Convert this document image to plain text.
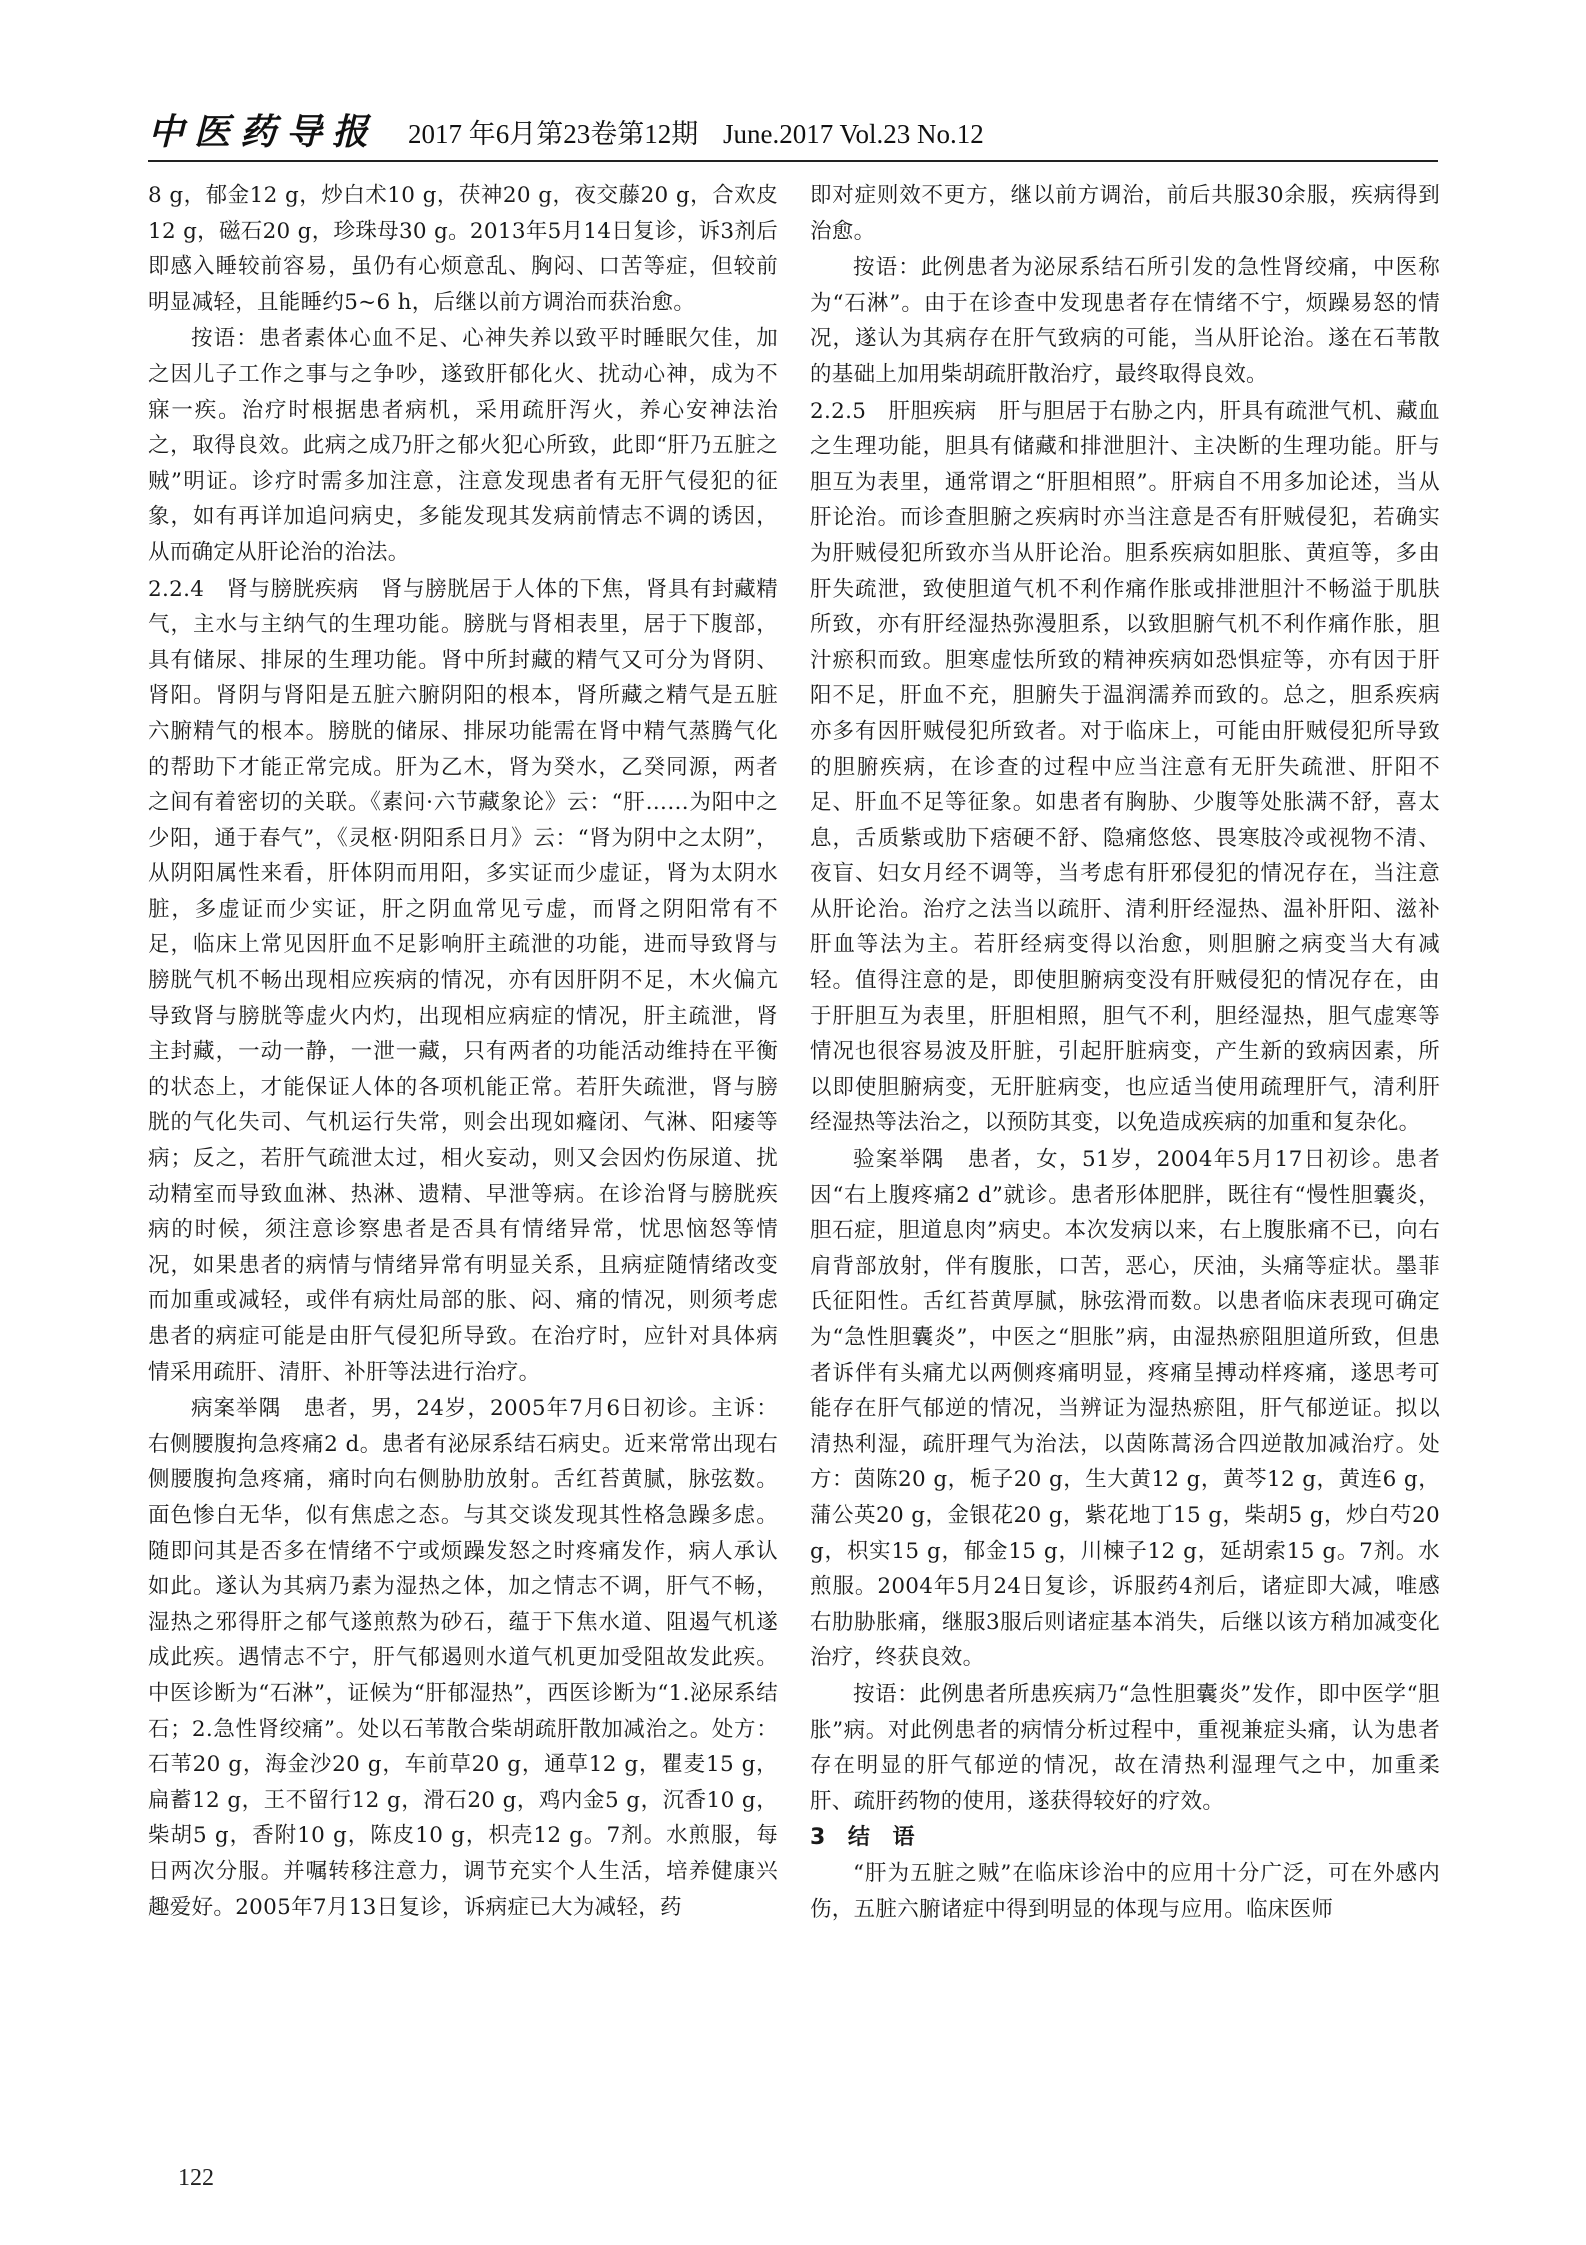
中医药导报 2017 年6月第23卷第12期 June.2017 Vol.23 No.12

8 g，郁金12 g，炒白术10 g，茯神20 g，夜交藤20 g，合欢皮12 g，磁石20 g，珍珠母30 g。2013年5月14日复诊，诉3剂后即感入睡较前容易，虽仍有心烦意乱、胸闷、口苦等症，但较前明显减轻，且能睡约5~6 h，后继以前方调治而获治愈。

按语：患者素体心血不足、心神失养以致平时睡眠欠佳，加之因儿子工作之事与之争吵，遂致肝郁化火、扰动心神，成为不寐一疾。治疗时根据患者病机，采用疏肝泻火，养心安神法治之，取得良效。此病之成乃肝之郁火犯心所致，此即“肝乃五脏之贼”明证。诊疗时需多加注意，注意发现患者有无肝气侵犯的征象，如有再详加追问病史，多能发现其发病前情志不调的诱因，从而确定从肝论治的治法。

2.2.4　肾与膀胱疾病　 肾与膀胱居于人体的下焦，肾具有封藏精气，主水与主纳气的生理功能。膀胱与肾相表里，居于下腹部，具有储尿、排尿的生理功能。肾中所封藏的精气又可分为肾阴、肾阳。肾阴与肾阳是五脏六腑阴阳的根本，肾所藏之精气是五脏六腑精气的根本。膀胱的储尿、排尿功能需在肾中精气蒸腾气化的帮助下才能正常完成。肝为乙木，肾为癸水，乙癸同源，两者之间有着密切的关联。《素问·六节藏象论》云：“肝……为阳中之少阳，通于春气”，《灵枢·阴阳系日月》云：“肾为阴中之太阴”，从阴阳属性来看，肝体阴而用阳，多实证而少虚证，肾为太阴水脏，多虚证而少实证，肝之阴血常见亏虚，而肾之阴阳常有不足，临床上常见因肝血不足影响肝主疏泄的功能，进而导致肾与膀胱气机不畅出现相应疾病的情况，亦有因肝阴不足，木火偏亢导致肾与膀胱等虚火内灼，出现相应病症的情况，肝主疏泄，肾主封藏，一动一静，一泄一藏，只有两者的功能活动维持在平衡的状态上，才能保证人体的各项机能正常。若肝失疏泄，肾与膀胱的气化失司、气机运行失常，则会出现如癃闭、气淋、阳痿等病；反之，若肝气疏泄太过，相火妄动，则又会因灼伤尿道、扰动精室而导致血淋、热淋、遗精、早泄等病。在诊治肾与膀胱疾病的时候，须注意诊察患者是否具有情绪异常，忧思恼怒等情况，如果患者的病情与情绪异常有明显关系，且病症随情绪改变而加重或减轻，或伴有病灶局部的胀、闷、痛的情况，则须考虑患者的病症可能是由肝气侵犯所导致。在治疗时，应针对具体病情采用疏肝、清肝、补肝等法进行治疗。

病案举隅　患者，男，24岁，2005年7月6日初诊。主诉：右侧腰腹拘急疼痛2 d。患者有泌尿系结石病史。近来常常出现右侧腰腹拘急疼痛，痛时向右侧胁肋放射。舌红苔黄腻，脉弦数。面色惨白无华，似有焦虑之态。与其交谈发现其性格急躁多虑。随即问其是否多在情绪不宁或烦躁发怒之时疼痛发作，病人承认如此。遂认为其病乃素为湿热之体，加之情志不调，肝气不畅，湿热之邪得肝之郁气遂煎熬为砂石，蕴于下焦水道、阻遏气机遂成此疾。遇情志不宁，肝气郁遏则水道气机更加受阻故发此疾。中医诊断为“石淋”，证候为“肝郁湿热”，西医诊断为“1.泌尿系结石；2.急性肾绞痛”。处以石苇散合柴胡疏肝散加减治之。处方：石苇20 g，海金沙20 g，车前草20 g，通草12 g，瞿麦15 g，扁蓄12 g，王不留行12 g，滑石20 g，鸡内金5 g，沉香10 g，柴胡5 g，香附10 g，陈皮10 g，枳壳12 g。7剂。水煎服，每日两次分服。并嘱转移注意力，调节充实个人生活，培养健康兴趣爱好。2005年7月13日复诊，诉病症已大为减轻，药

即对症则效不更方，继以前方调治，前后共服30余服，疾病得到治愈。

按语：此例患者为泌尿系结石所引发的急性肾绞痛，中医称为“石淋”。由于在诊查中发现患者存在情绪不宁，烦躁易怒的情况，遂认为其病存在肝气致病的可能，当从肝论治。遂在石苇散的基础上加用柴胡疏肝散治疗，最终取得良效。

2.2.5　肝胆疾病　 肝与胆居于右胁之内，肝具有疏泄气机、藏血之生理功能，胆具有储藏和排泄胆汁、主决断的生理功能。肝与胆互为表里，通常谓之“肝胆相照”。肝病自不用多加论述，当从肝论治。而诊查胆腑之疾病时亦当注意是否有肝贼侵犯，若确实为肝贼侵犯所致亦当从肝论治。胆系疾病如胆胀、黄疸等，多由肝失疏泄，致使胆道气机不利作痛作胀或排泄胆汁不畅溢于肌肤所致，亦有肝经湿热弥漫胆系，以致胆腑气机不利作痛作胀，胆汁瘀积而致。胆寒虚怯所致的精神疾病如恐惧症等，亦有因于肝阳不足，肝血不充，胆腑失于温润濡养而致的。总之，胆系疾病亦多有因肝贼侵犯所致者。对于临床上，可能由肝贼侵犯所导致的胆腑疾病，在诊查的过程中应当注意有无肝失疏泄、肝阳不足、肝血不足等征象。如患者有胸胁、少腹等处胀满不舒，喜太息，舌质紫或肋下痞硬不舒、隐痛悠悠、畏寒肢冷或视物不清、夜盲、妇女月经不调等，当考虑有肝邪侵犯的情况存在，当注意从肝论治。治疗之法当以疏肝、清利肝经湿热、温补肝阳、滋补肝血等法为主。若肝经病变得以治愈，则胆腑之病变当大有减轻。值得注意的是，即使胆腑病变没有肝贼侵犯的情况存在，由于肝胆互为表里，肝胆相照，胆气不利，胆经湿热，胆气虚寒等情况也很容易波及肝脏，引起肝脏病变，产生新的致病因素，所以即使胆腑病变，无肝脏病变，也应适当使用疏理肝气，清利肝经湿热等法治之，以预防其变，以免造成疾病的加重和复杂化。

验案举隅　患者，女，51岁，2004年5月17日初诊。患者因“右上腹疼痛2 d”就诊。患者形体肥胖，既往有“慢性胆囊炎，胆石症，胆道息肉”病史。本次发病以来，右上腹胀痛不已，向右肩背部放射，伴有腹胀，口苦，恶心，厌油，头痛等症状。墨菲氏征阳性。舌红苔黄厚腻，脉弦滑而数。以患者临床表现可确定为“急性胆囊炎”，中医之“胆胀”病，由湿热瘀阻胆道所致，但患者诉伴有头痛尤以两侧疼痛明显，疼痛呈搏动样疼痛，遂思考可能存在肝气郁逆的情况，当辨证为湿热瘀阻，肝气郁逆证。拟以清热利湿，疏肝理气为治法，以茵陈蒿汤合四逆散加减治疗。处方：茵陈20 g，栀子20 g，生大黄12 g，黄芩12 g，黄连6 g，蒲公英20 g，金银花20 g，紫花地丁15 g，柴胡5 g，炒白芍20 g，枳实15 g，郁金15 g，川楝子12 g，延胡索15 g。7剂。水煎服。2004年5月24日复诊，诉服药4剂后，诸症即大减，唯感右肋胁胀痛，继服3服后则诸症基本消失，后继以该方稍加减变化治疗，终获良效。

按语：此例患者所患疾病乃“急性胆囊炎”发作，即中医学“胆胀”病。对此例患者的病情分析过程中，重视兼症头痛，认为患者存在明显的肝气郁逆的情况，故在清热利湿理气之中，加重柔肝、疏肝药物的使用，遂获得较好的疗效。

3　结　语

“肝为五脏之贼”在临床诊治中的应用十分广泛，可在外感内伤，五脏六腑诸症中得到明显的体现与应用。临床医师

122
